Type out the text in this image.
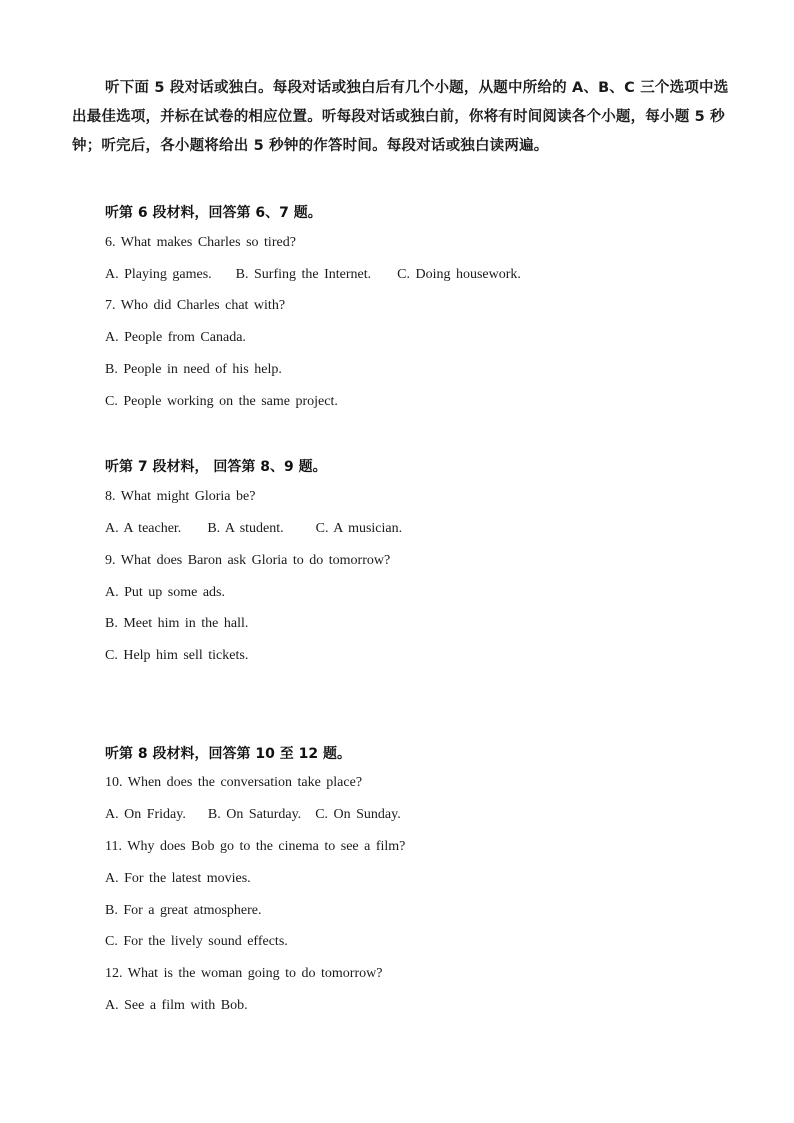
听下面 5 段对话或独白。每段对话或独白后有几个小题，从题中所给的 A、B、C 三个选项中选出最佳选项，并标在试卷的相应位置。听每段对话或独白前，你将有时间阅读各个小题，每小题 5 秒钟；听完后，各小题将给出 5 秒钟的作答时间。每段对话或独白读两遍。
听第 6 段材料，回答第 6、7 题。
6. What makes Charles so tired?
A. Playing games. B. Surfing the Internet. C. Doing housework.
7. Who did Charles chat with?
A. People from Canada.
B. People in need of his help.
C. People working on the same project.
听第 7 段材料， 回答第 8、9 题。
8. What might Gloria be?
A. A teacher. B. A student. C. A musician.
9. What does Baron ask Gloria to do tomorrow?
A. Put up some ads.
B. Meet him in the hall.
C. Help him sell tickets.
听第 8 段材料，回答第 10 至 12 题。
10. When does the conversation take place?
A. On Friday. B. On Saturday. C. On Sunday.
11. Why does Bob go to the cinema to see a film?
A. For the latest movies.
B. For a great atmosphere.
C. For the lively sound effects.
12. What is the woman going to do tomorrow?
A. See a film with Bob.
